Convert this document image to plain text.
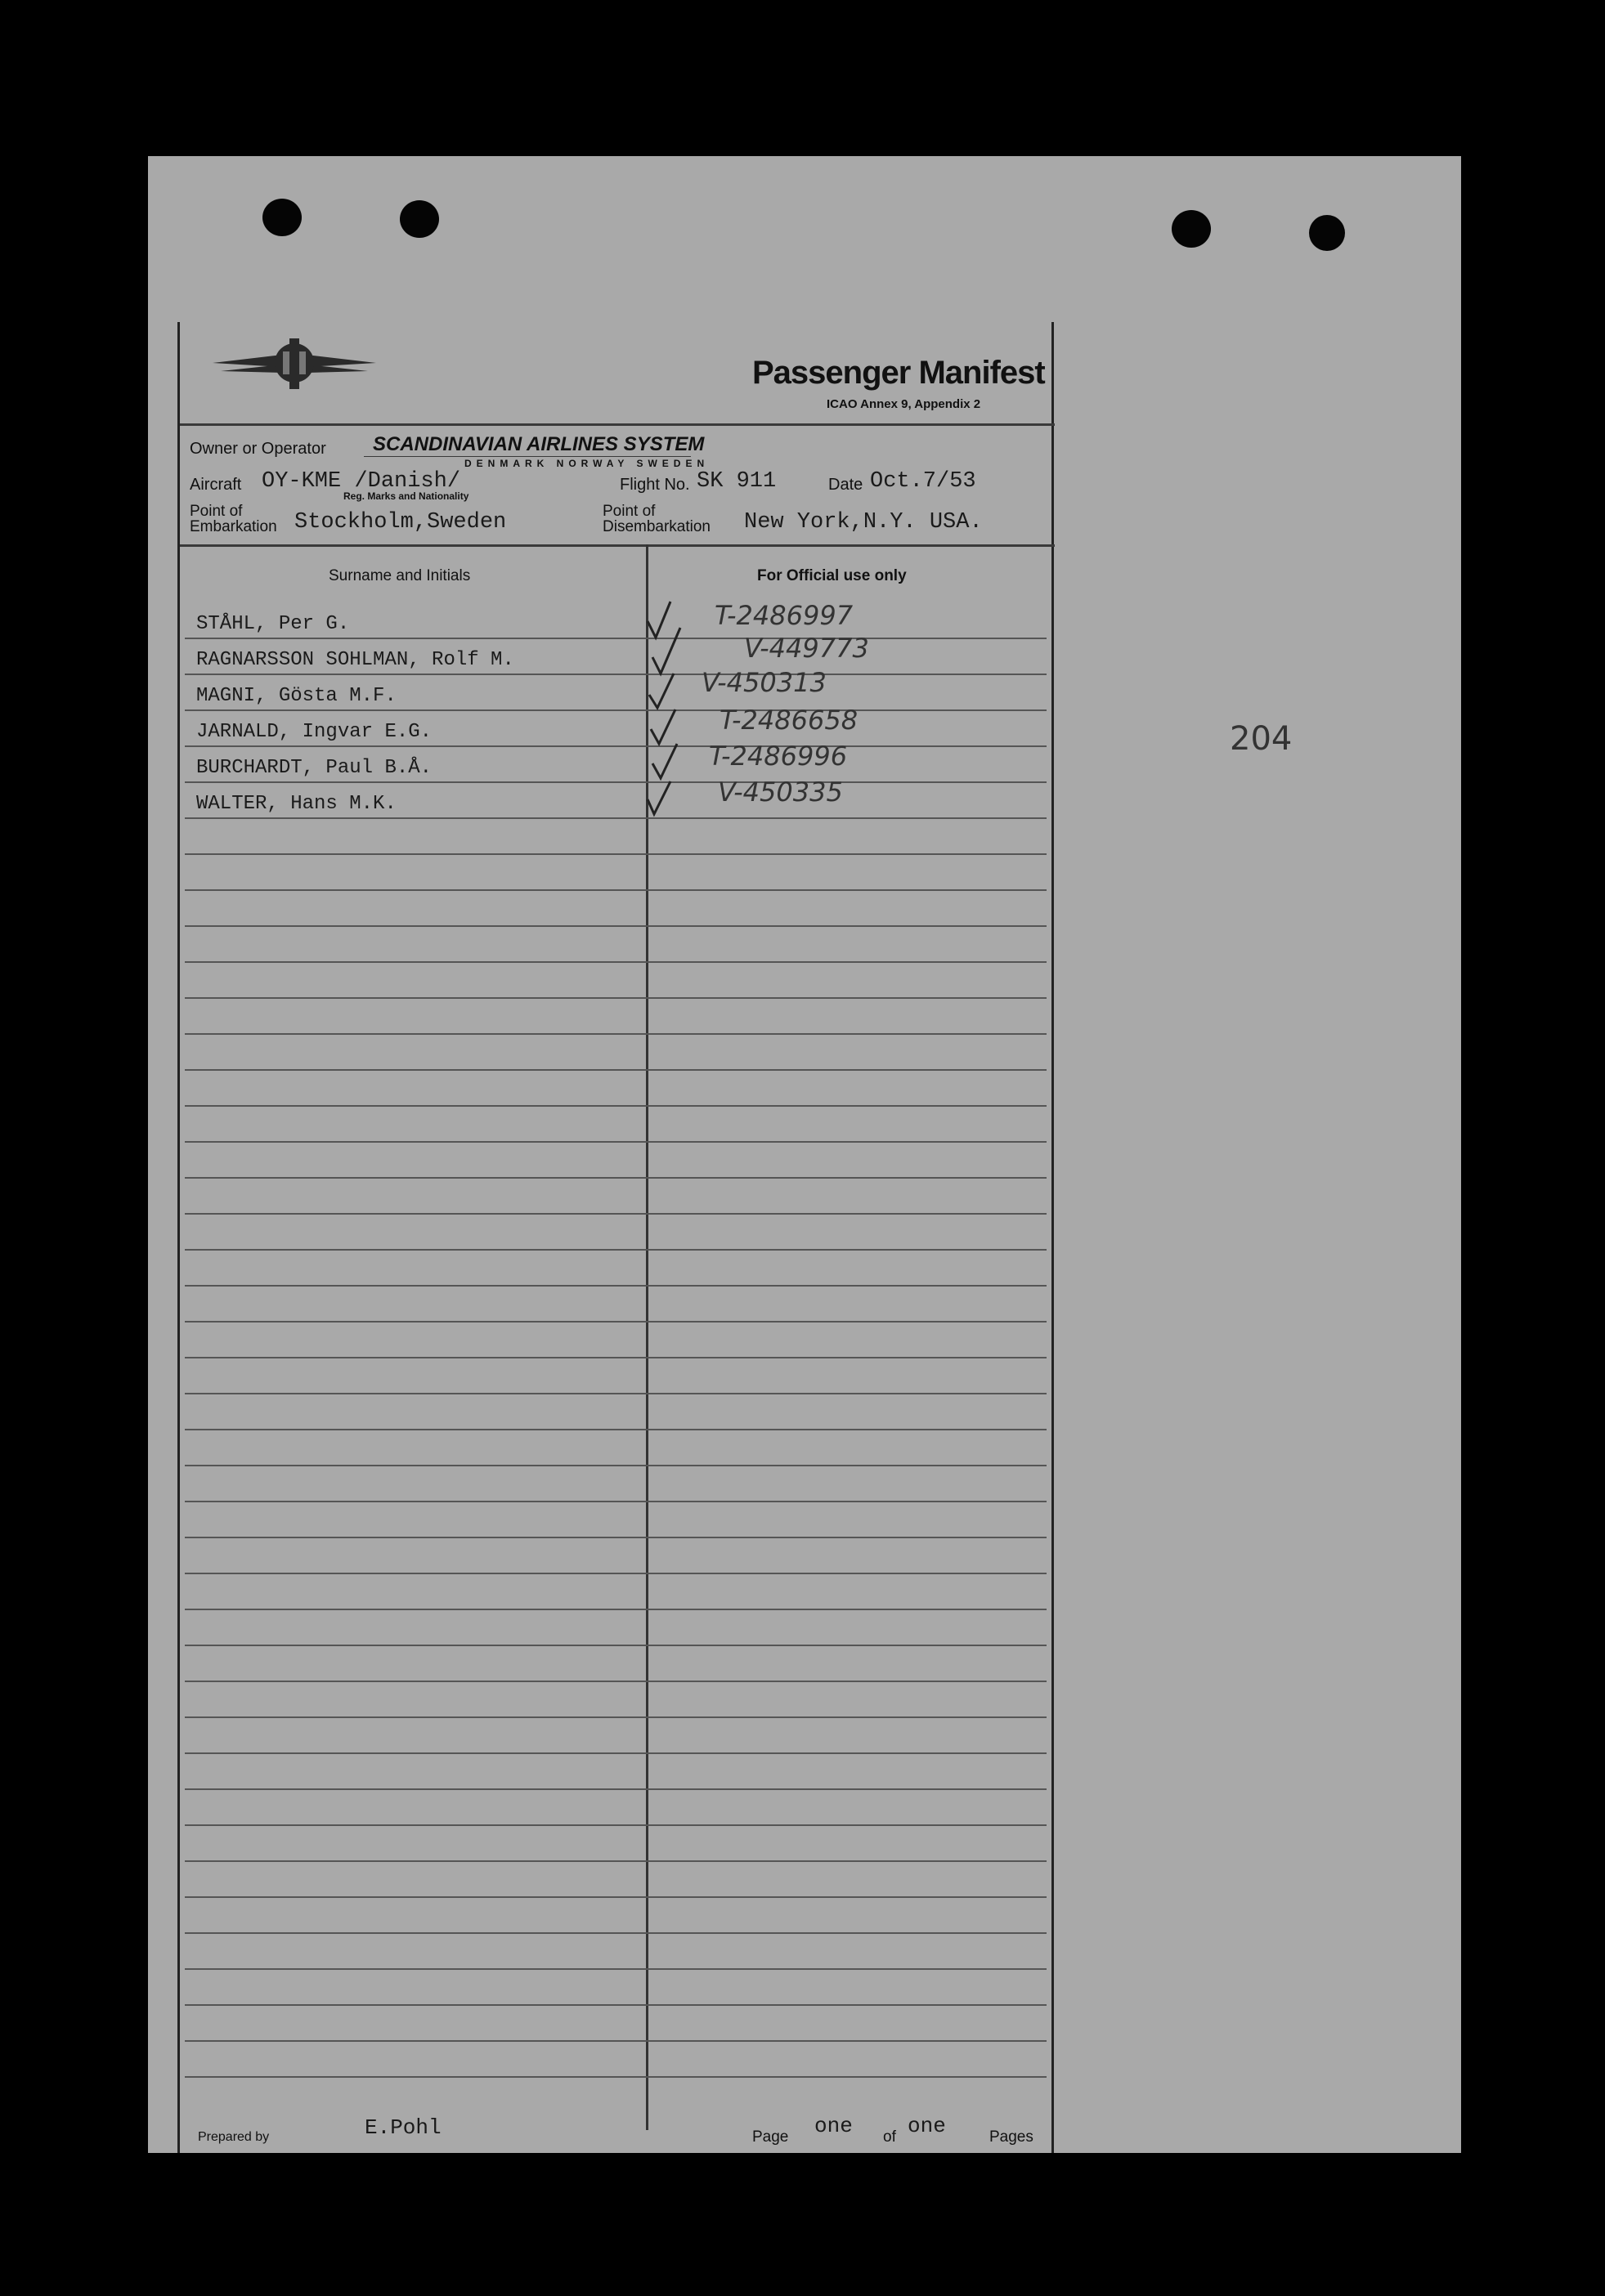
204
Passenger Manifest
ICAO Annex 9, Appendix 2
Owner or Operator SCANDINAVIAN AIRLINES SYSTEM
DENMARK NORWAY SWEDEN
Aircraft OY-KME /Danish/
Reg. Marks and Nationality
Flight No. SK 911	Date Oct.7/53
Point of
Embarkation Stockholm,Sweden	Point of
Disembarkation New York,N.Y. USA.
Surname and Initials	For Official use only
STÅHL, Per G.	T-2486997
RAGNARSSON SOHLMAN, Rolf M.	V-449773
MAGNI, Gösta M.F.	V-450313
JARNALD, Ingvar E.G.	T-2486658
BURCHARDT, Paul B.Å.	T-2486996
WALTER, Hans M.K.	V-450335
Prepared by	E.Pohl	Page one of one	Pages
